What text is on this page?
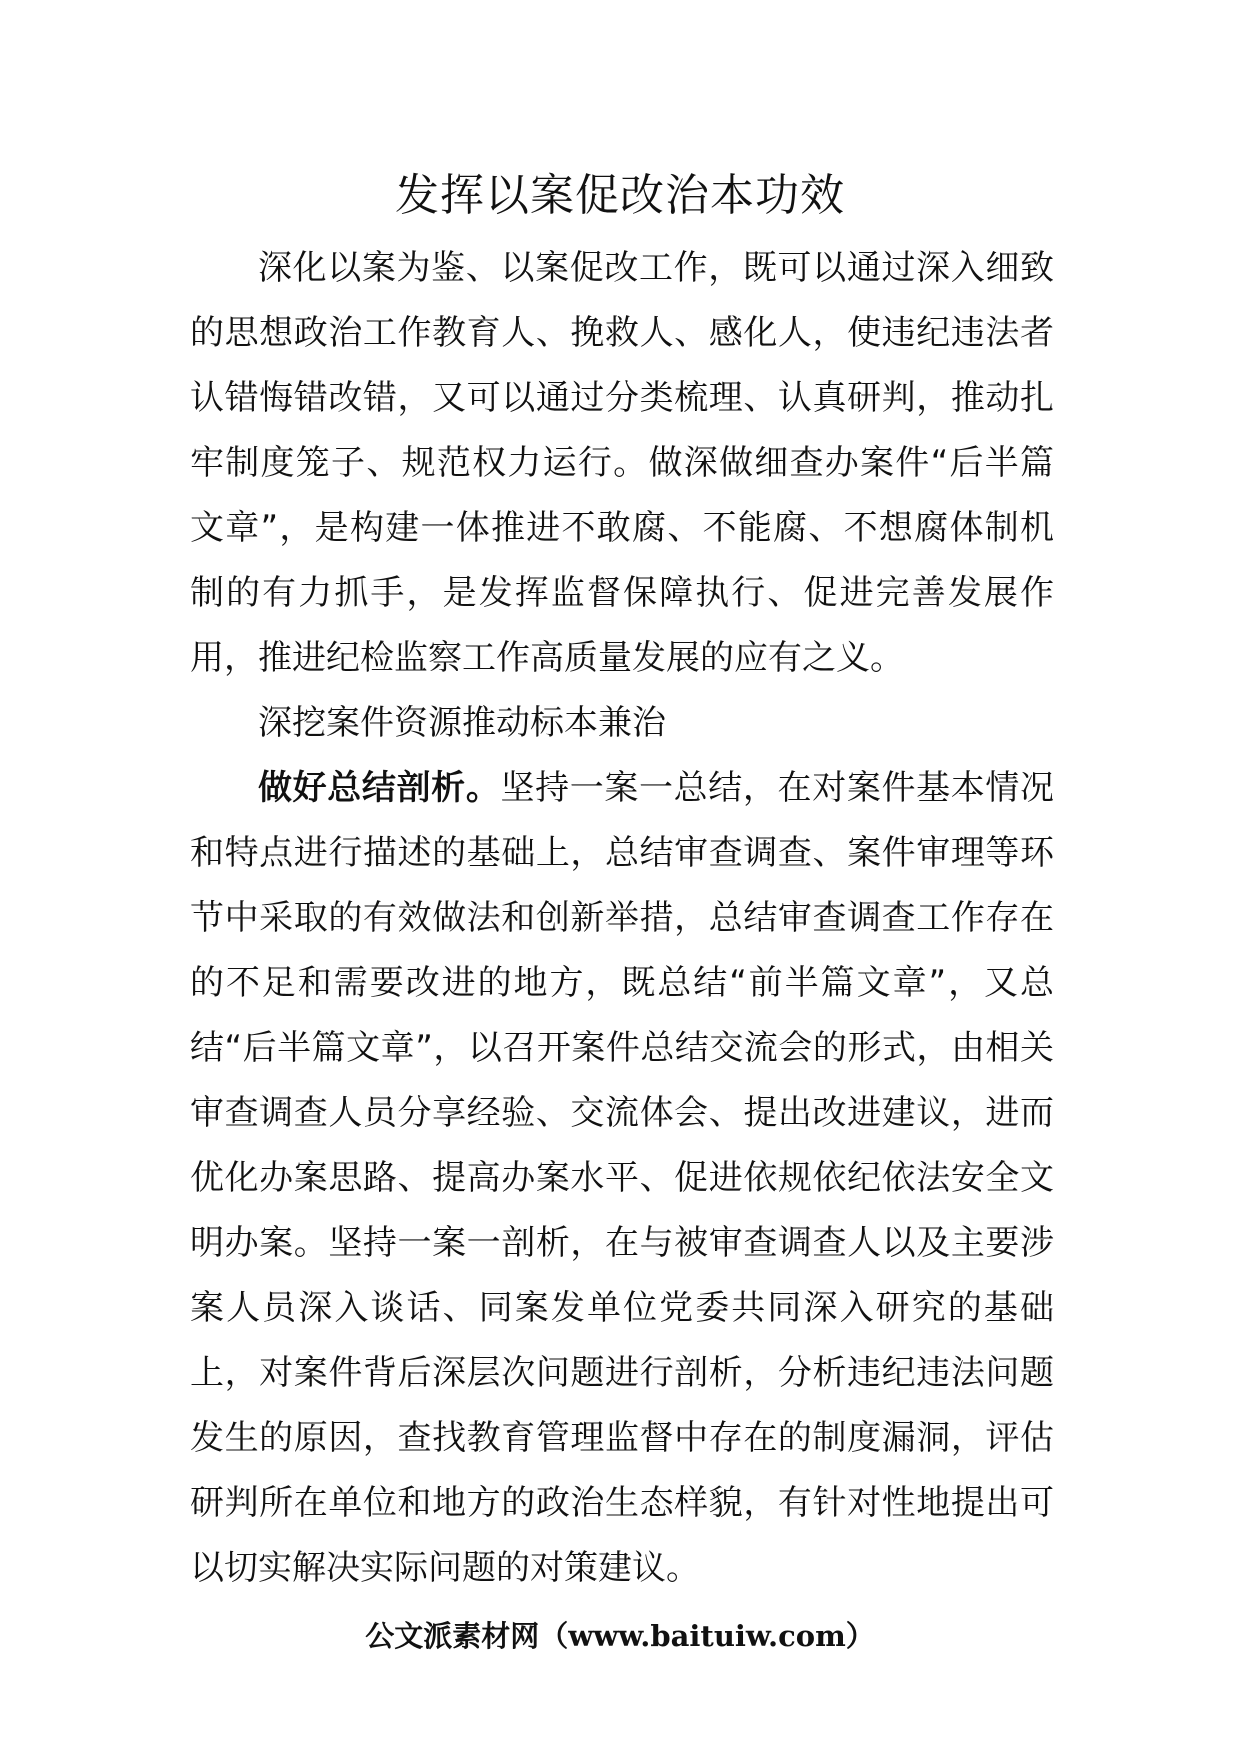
发挥以案促改治本功效

深化以案为鉴、以案促改工作，既可以通过深入细致的思想政治工作教育人、挽救人、感化人，使违纪违法者认错悔错改错，又可以通过分类梳理、认真研判，推动扎牢制度笼子、规范权力运行。做深做细查办案件“后半篇文章”，是构建一体推进不敢腐、不能腐、不想腐体制机制的有力抓手，是发挥监督保障执行、促进完善发展作用，推进纪检监察工作高质量发展的应有之义。

深挖案件资源推动标本兼治

做好总结剖析。坚持一案一总结，在对案件基本情况和特点进行描述的基础上，总结审查调查、案件审理等环节中采取的有效做法和创新举措，总结审查调查工作存在的不足和需要改进的地方，既总结“前半篇文章”，又总结“后半篇文章”，以召开案件总结交流会的形式，由相关审查调查人员分享经验、交流体会、提出改进建议，进而优化办案思路、提高办案水平、促进依规依纪依法安全文明办案。坚持一案一剖析，在与被审查调查人以及主要涉案人员深入谈话、同案发单位党委共同深入研究的基础上，对案件背后深层次问题进行剖析，分析违纪违法问题发生的原因，查找教育管理监督中存在的制度漏洞，评估研判所在单位和地方的政治生态样貌，有针对性地提出可以切实解决实际问题的对策建议。

公文派素材网（www.baituiw.com）
